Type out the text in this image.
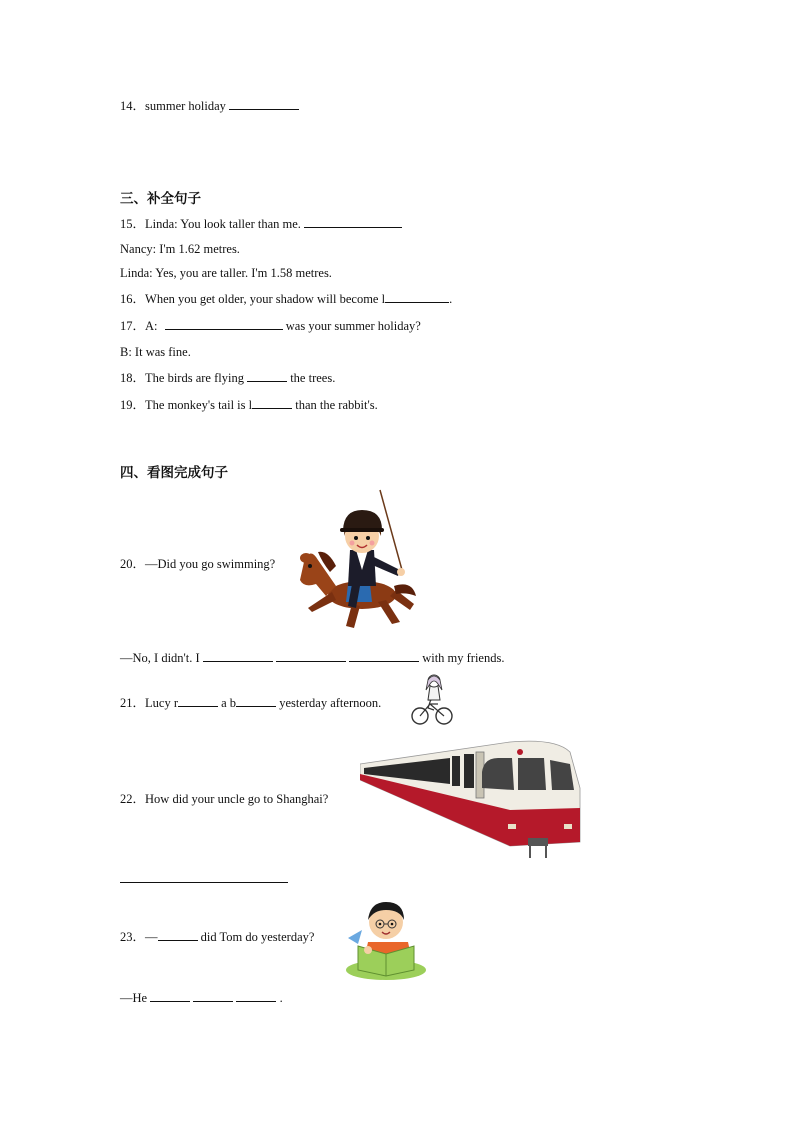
14．summer holiday
三、补全句子
15．Linda: You look taller than me.
Nancy: I'm 1.62 metres.
Linda: Yes, you are taller. I'm 1.58 metres.
16．When you get older, your shadow will become l	.
17．A:	was your summer holiday?
B: It was fine.
18．The birds are flying	the trees.
19．The monkey's tail is l	than the rabbit's.
四、看图完成句子
20．—Did you go swimming?
—No, I didn't. I	with my friends.
21．Lucy r	a b	yesterday afternoon.
22．How did your uncle go to Shanghai?
23．—	did Tom do yesterday?
—He	.
